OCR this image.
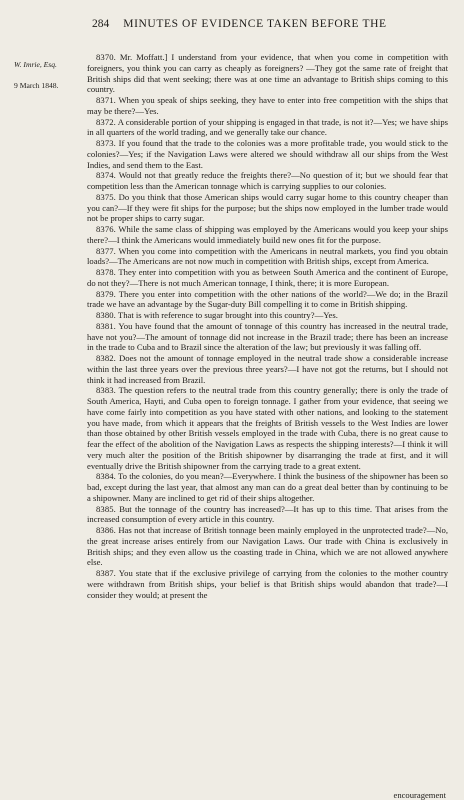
284 MINUTES OF EVIDENCE TAKEN BEFORE THE
W. Imrie, Esq.
9 March 1848.

8370. Mr. Moffatt.] I understand from your evidence, that when you come in competition with foreigners, you think you can carry as cheaply as foreigners? —They got the same rate of freight that British ships did that went seeking; there was at one time an advantage to British ships coming to this country.

8371. When you speak of ships seeking, they have to enter into free competition with the ships that may be there?—Yes.

8372. A considerable portion of your shipping is engaged in that trade, is not it?—Yes; we have ships in all quarters of the world trading, and we generally take our chance.

8373. If you found that the trade to the colonies was a more profitable trade, you would stick to the colonies?—Yes; if the Navigation Laws were altered we should withdraw all our ships from the West Indies, and send them to the East.

8374. Would not that greatly reduce the freights there?—No question of it; but we should fear that competition less than the American tonnage which is carrying supplies to our colonies.

8375. Do you think that those American ships would carry sugar home to this country cheaper than you can?—If they were fit ships for the purpose; but the ships now employed in the lumber trade would not be proper ships to carry sugar.

8376. While the same class of shipping was employed by the Americans would you keep your ships there?—I think the Americans would immediately build new ones fit for the purpose.

8377. When you come into competition with the Americans in neutral markets, you find you obtain loads?—The Americans are not now much in competition with British ships, except from America.

8378. They enter into competition with you as between South America and the continent of Europe, do not they?—There is not much American tonnage, I think, there; it is more European.

8379. There you enter into competition with the other nations of the world?—We do; in the Brazil trade we have an advantage by the Sugar-duty Bill compelling it to come in British shipping.

8380. That is with reference to sugar brought into this country?—Yes.

8381. You have found that the amount of tonnage of this country has increased in the neutral trade, have not you?—The amount of tonnage did not increase in the Brazil trade; there has been an increase in the trade to Cuba and to Brazil since the alteration of the law; but previously it was falling off.

8382. Does not the amount of tonnage employed in the neutral trade show a considerable increase within the last three years over the previous three years?—I have not got the returns, but I should not think it had increased from Brazil.

8383. The question refers to the neutral trade from this country generally; there is only the trade of South America, Hayti, and Cuba open to foreign tonnage. I gather from your evidence, that seeing we have come fairly into competition as you have stated with other nations, and looking to the statement you have made, from which it appears that the freights of British vessels to the West Indies are lower than those obtained by other British vessels employed in the trade with Cuba, there is no great cause to fear the effect of the abolition of the Navigation Laws as respects the shipping interests?—I think it will very much alter the position of the British shipowner by disarranging the trade at first, and it will eventually drive the British shipowner from the carrying trade to a great extent.

8384. To the colonies, do you mean?—Everywhere. I think the business of the shipowner has been so bad, except during the last year, that almost any man can do a great deal better than by continuing to be a shipowner. Many are inclined to get rid of their ships altogether.

8385. But the tonnage of the country has increased?—It has up to this time. That arises from the increased consumption of every article in this country.

8386. Has not that increase of British tonnage been mainly employed in the unprotected trade?—No, the great increase arises entirely from our Navigation Laws. Our trade with China is exclusively in British ships; and they even allow us the coasting trade in China, which we are not allowed anywhere else.

8387. You state that if the exclusive privilege of carrying from the colonies to the mother country were withdrawn from British ships, your belief is that British ships would abandon that trade?—I consider they would; at present the

encouragement
